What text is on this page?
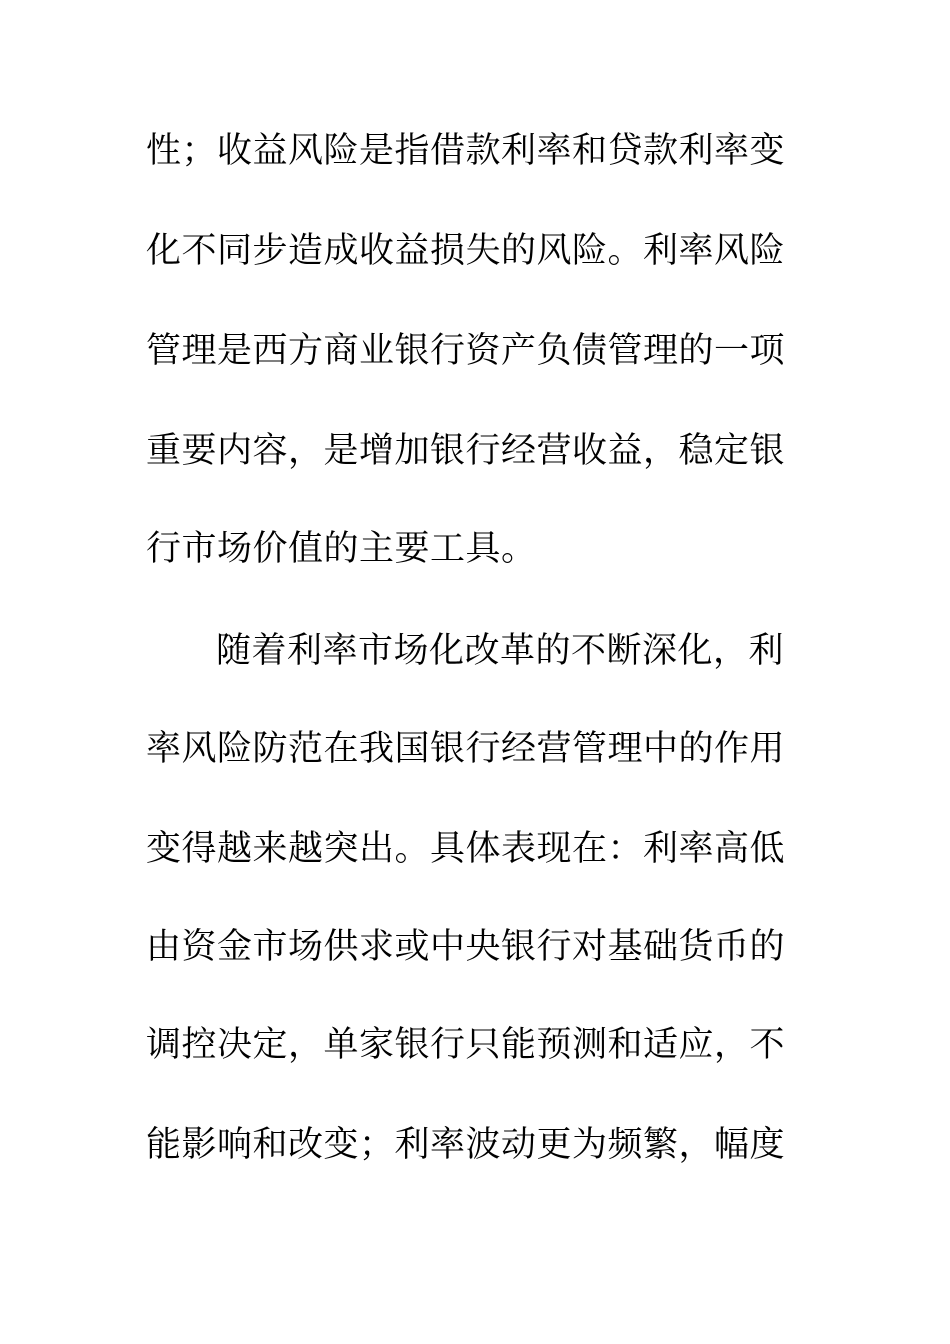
性；收益风险是指借款利率和贷款利率变
化不同步造成收益损失的风险。利率风险
管理是西方商业银行资产负债管理的一项
重要内容，是增加银行经营收益，稳定银
行市场价值的主要工具。
随着利率市场化改革的不断深化，利
率风险防范在我国银行经营管理中的作用
变得越来越突出。具体表现在：利率高低
由资金市场供求或中央银行对基础货币的
调控决定，单家银行只能预测和适应，不
能影响和改变；利率波动更为频繁，幅度
